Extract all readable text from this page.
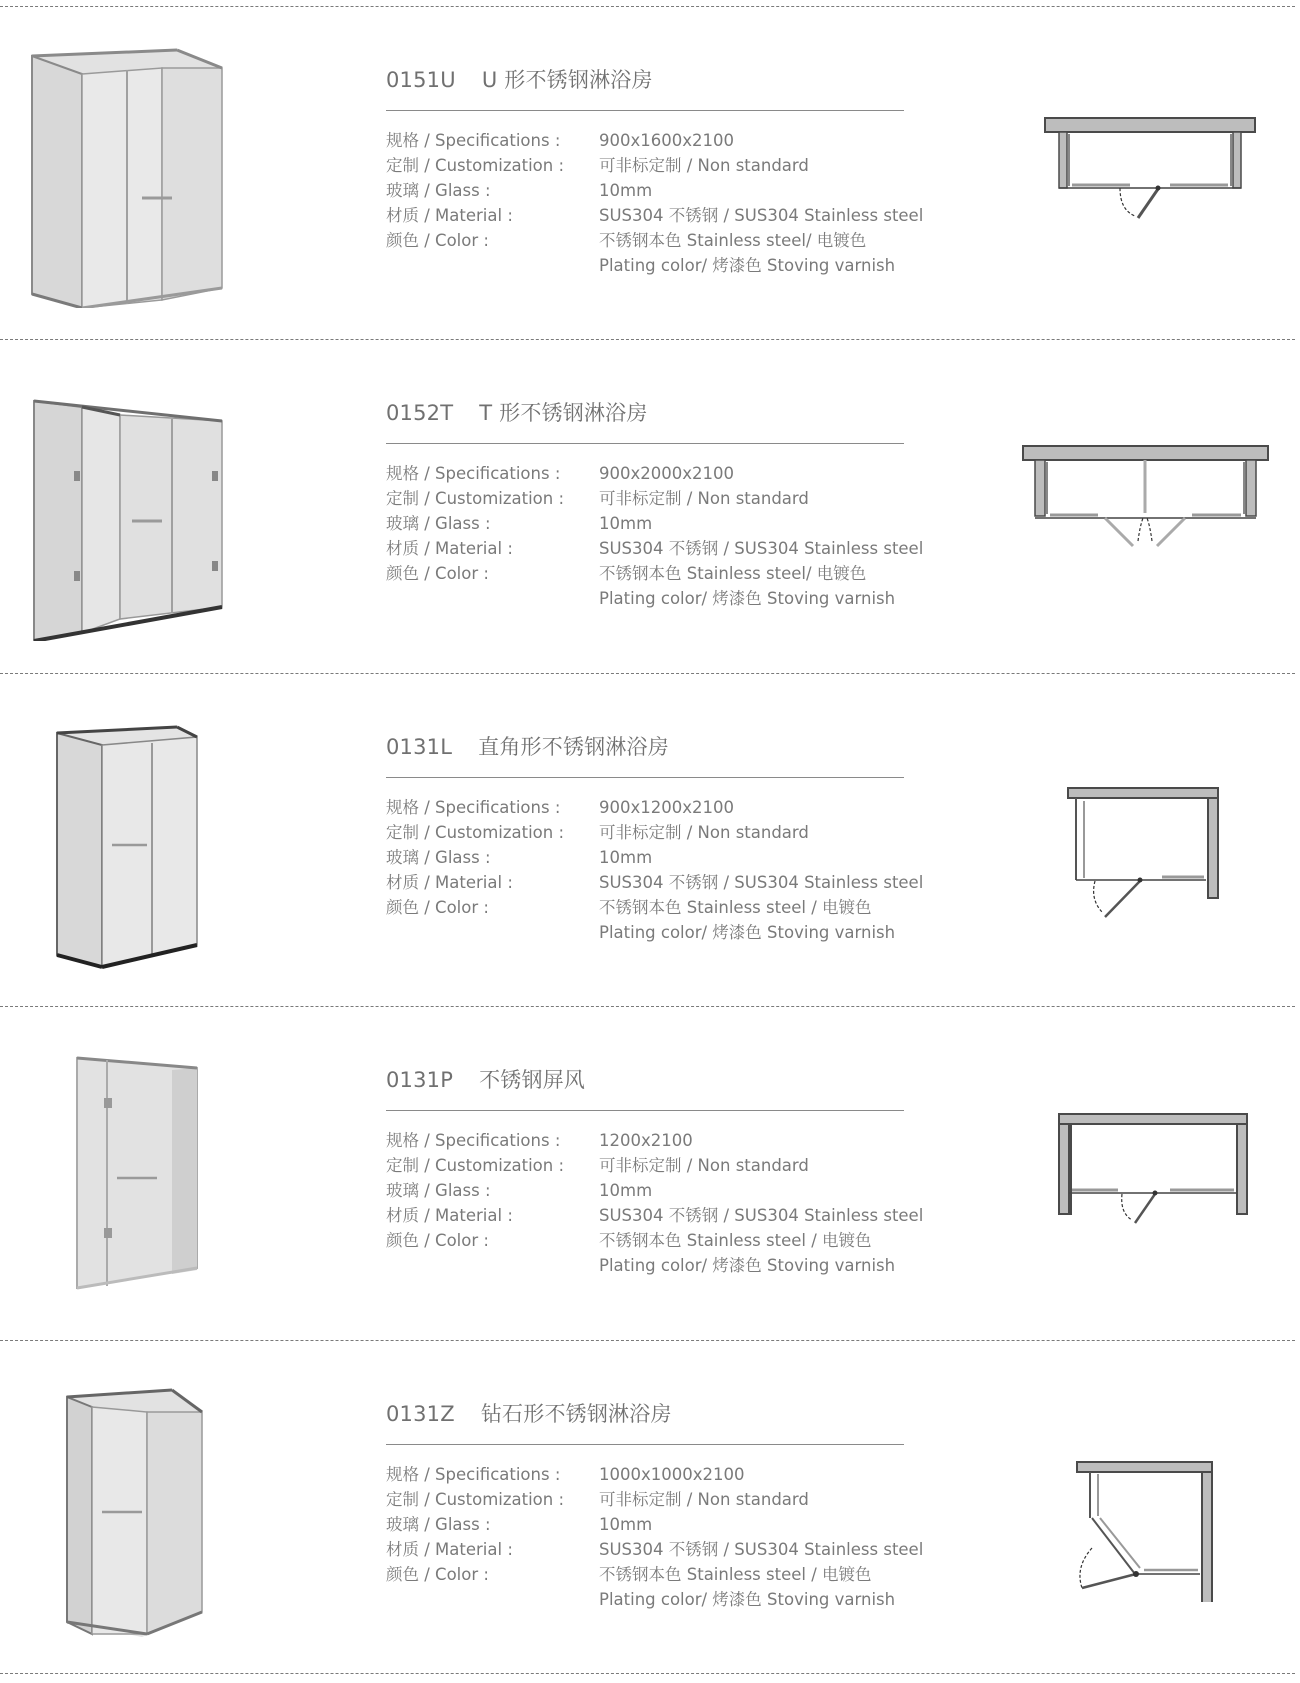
0151U U 形不锈钢淋浴房
规格 / Specifications :	900x1600x2100
定制 / Customization :	可非标定制 / Non standard
玻璃 / Glass :	10mm
材质 / Material :	SUS304 不锈钢 / SUS304 Stainless steel
颜色 / Color :	不锈钢本色 Stainless steel/ 电镀色
Plating color/ 烤漆色 Stoving varnish
0152T T 形不锈钢淋浴房
规格 / Specifications :	900x2000x2100
定制 / Customization :	可非标定制 / Non standard
玻璃 / Glass :	10mm
材质 / Material :	SUS304 不锈钢 / SUS304 Stainless steel
颜色 / Color :	不锈钢本色 Stainless steel/ 电镀色
Plating color/ 烤漆色 Stoving varnish
0131L 直角形不锈钢淋浴房
规格 / Specifications :	900x1200x2100
定制 / Customization :	可非标定制 / Non standard
玻璃 / Glass :	10mm
材质 / Material :	SUS304 不锈钢 / SUS304 Stainless steel
颜色 / Color :	不锈钢本色 Stainless steel / 电镀色
Plating color/ 烤漆色 Stoving varnish
0131P 不锈钢屏风
规格 / Specifications :	1200x2100
定制 / Customization :	可非标定制 / Non standard
玻璃 / Glass :	10mm
材质 / Material :	SUS304 不锈钢 / SUS304 Stainless steel
颜色 / Color :	不锈钢本色 Stainless steel / 电镀色
Plating color/ 烤漆色 Stoving varnish
0131Z 钻石形不锈钢淋浴房
规格 / Specifications :	1000x1000x2100
定制 / Customization :	可非标定制 / Non standard
玻璃 / Glass :	10mm
材质 / Material :	SUS304 不锈钢 / SUS304 Stainless steel
颜色 / Color :	不锈钢本色 Stainless steel / 电镀色
Plating color/ 烤漆色 Stoving varnish
